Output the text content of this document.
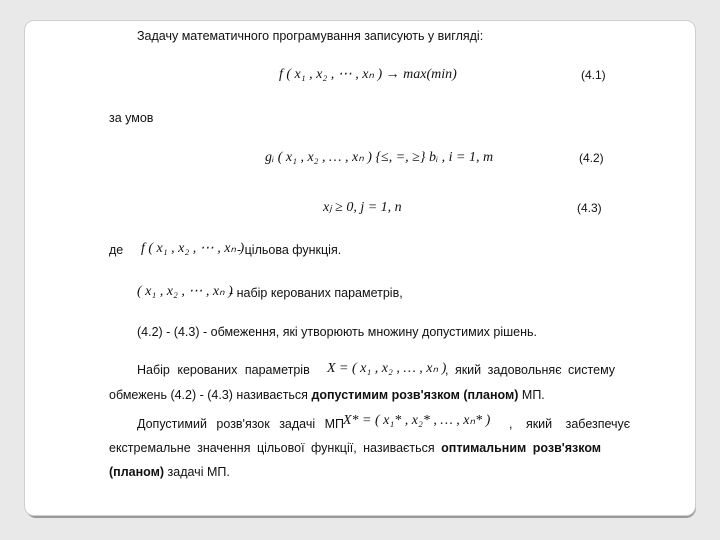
Задачу математичного програмування записують у вигляді:
f ( x₁ , x₂ , ⋯ , xₙ ) → max(min)	(4.1)
за умов
gᵢ ( x₁ , x₂ , … , xₙ ) {≤, =, ≥} bᵢ , i = 1, m	(4.2)
xⱼ ≥ 0, j = 1, n	(4.3)
де f ( x₁ , x₂ , ⋯ , xₙ )
- цільова функція.
( x₁ , x₂ , ⋯ , xₙ )
- набір керованих параметрів,
(4.2) - (4.3) - обмеження, які утворюють множину допустимих рішень.
Набір керованих параметрів X = ( x₁ , x₂ , … , xₙ )
, який задовольняє систему
обмежень (4.2) - (4.3) називається допустимим розв'язком (планом) МП.
Допустимий розв'язок задачі МП
X* = ( x₁* , x₂* , … , xₙ* ) , який забезпечує
екстремальне значення цільової функції, називається оптимальним розв'язком
(планом) задачі МП.
